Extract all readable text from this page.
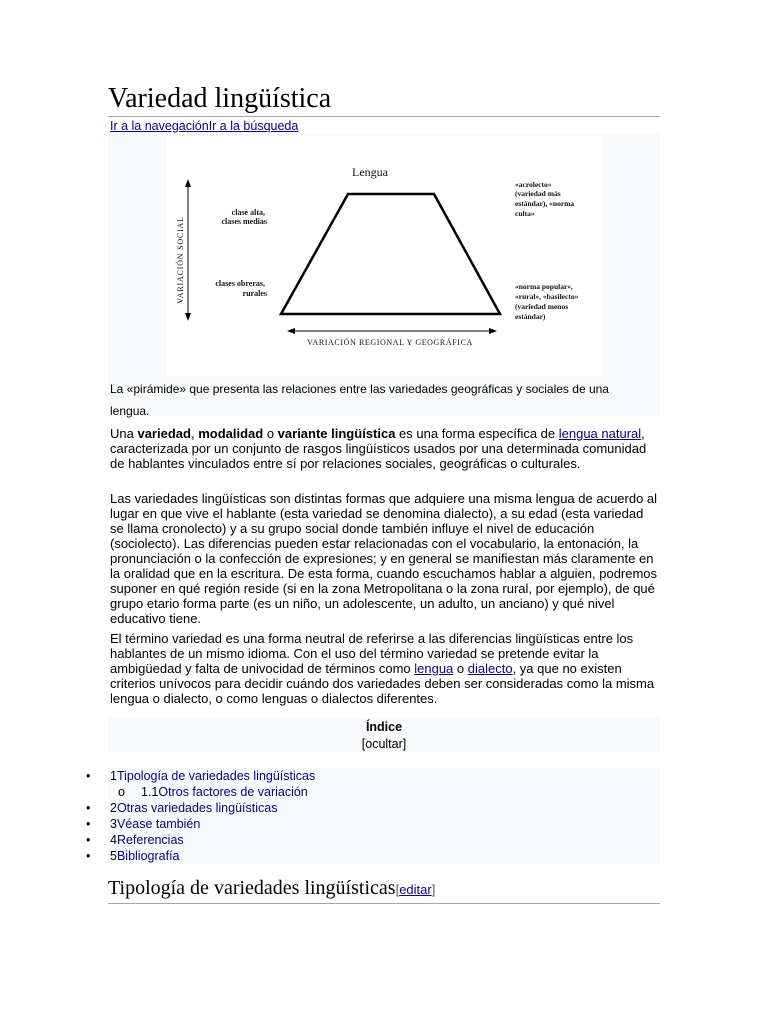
Variedad lingüística
Ir a la navegaciónIr a la búsqueda
Lengua
VARIACIÓN SOCIAL
VARIACIÓN REGIONAL Y GEOGRÁFICA
clase alta, clases medias
clases obreras, rurales
«acrolecto» (variedad más estándar), «norma culta»
«norma popular», «rural», «basilecto» (variedad menos estándar)
La «pirámide» que presenta las relaciones entre las variedades geográficas y sociales de una lengua.

Una variedad, modalidad o variante lingüística es una forma específica de lengua natural, caracterizada por un conjunto de rasgos lingüísticos usados por una determinada comunidad de hablantes vinculados entre sí por relaciones sociales, geográficas o culturales.

Las variedades lingüísticas son distintas formas que adquiere una misma lengua de acuerdo al lugar en que vive el hablante (esta variedad se denomina dialecto), a su edad (esta variedad se llama cronolecto) y a su grupo social donde también influye el nivel de educación (sociolecto). Las diferencias pueden estar relacionadas con el vocabulario, la entonación, la pronunciación o la confección de expresiones; y en general se manifiestan más claramente en la oralidad que en la escritura. De esta forma, cuando escuchamos hablar a alguien, podremos suponer en qué región reside (si en la zona Metropolitana o la zona rural, por ejemplo), de qué grupo etario forma parte (es un niño, un adolescente, un adulto, un anciano) y qué nivel educativo tiene.

El término variedad es una forma neutral de referirse a las diferencias lingüísticas entre los hablantes de un mismo idioma. Con el uso del término variedad se pretende evitar la ambigüedad y falta de univocidad de términos como lengua o dialecto, ya que no existen criterios unívocos para decidir cuándo dos variedades deben ser consideradas como la misma lengua o dialecto, o como lenguas o dialectos diferentes.

Índice
[ocultar]
• 1Tipología de variedades lingüísticas
o 1.1Otros factores de variación
• 2Otras variedades lingüísticas
• 3Véase también
• 4Referencias
• 5Bibliografía
Tipología de variedades lingüísticas[editar]
